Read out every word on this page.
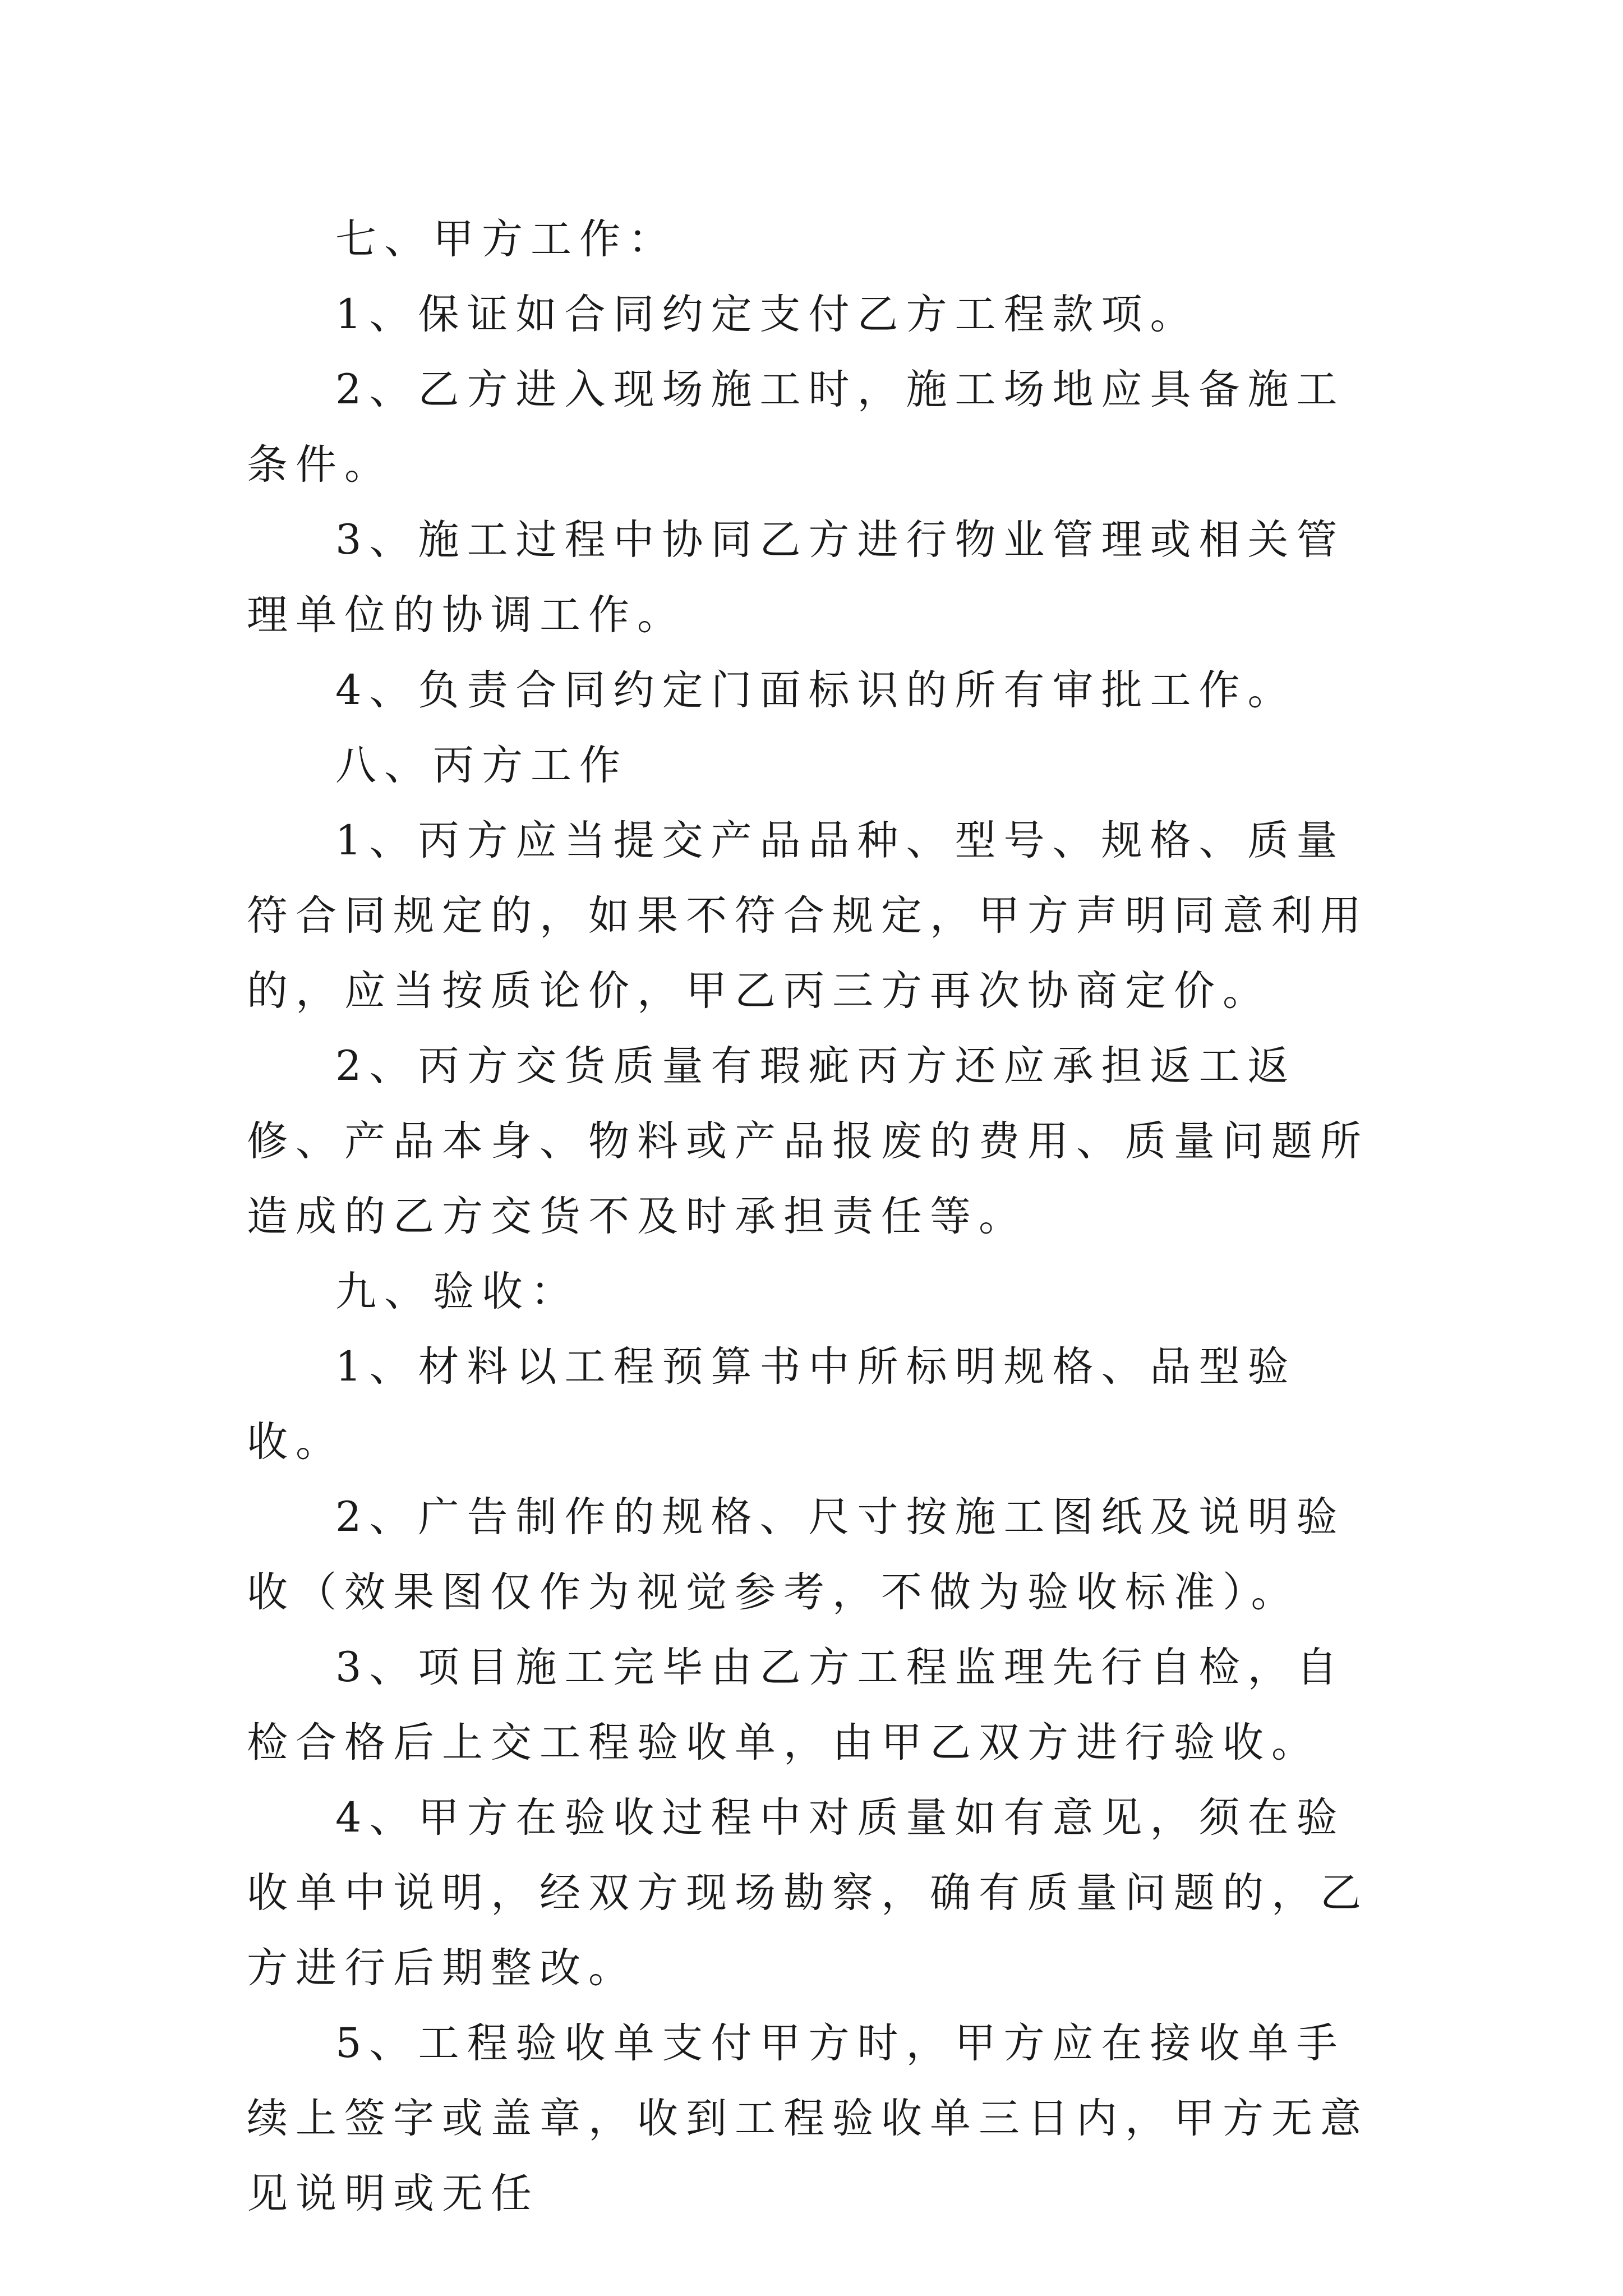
七、甲方工作：

1、保证如合同约定支付乙方工程款项。

2、乙方进入现场施工时，施工场地应具备施工条件。

3、施工过程中协同乙方进行物业管理或相关管理单位的协调工作。

4、负责合同约定门面标识的所有审批工作。

八、丙方工作

1、丙方应当提交产品品种、型号、规格、质量符合同规定的，如果不符合规定，甲方声明同意利用的，应当按质论价，甲乙丙三方再次协商定价。

2、丙方交货质量有瑕疵丙方还应承担返工返修、产品本身、物料或产品报废的费用、质量问题所造成的乙方交货不及时承担责任等。

九、验收：

1、材料以工程预算书中所标明规格、品型验收。

2、广告制作的规格、尺寸按施工图纸及说明验收（效果图仅作为视觉参考，不做为验收标准）。

3、项目施工完毕由乙方工程监理先行自检，自检合格后上交工程验收单，由甲乙双方进行验收。

4、甲方在验收过程中对质量如有意见，须在验收单中说明，经双方现场勘察，确有质量问题的，乙方进行后期整改。

5、工程验收单支付甲方时，甲方应在接收单手续上签字或盖章，收到工程验收单三日内，甲方无意见说明或无任
